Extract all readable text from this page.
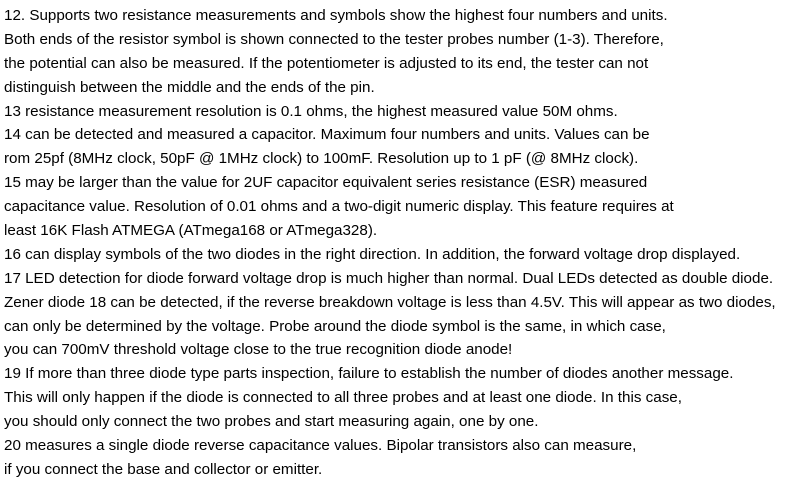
12. Supports two resistance measurements and symbols show the highest four numbers and units.
Both ends of the resistor symbol is shown connected to the tester probes number (1-3). Therefore,
the potential can also be measured. If the potentiometer is adjusted to its end, the tester can not
distinguish between the middle and the ends of the pin.
13 resistance measurement resolution is 0.1 ohms, the highest measured value 50M ohms.
14 can be detected and measured a capacitor. Maximum four numbers and units. Values can be
rom 25pf (8MHz clock, 50pF @ 1MHz clock) to 100mF. Resolution up to 1 pF (@ 8MHz clock).
15 may be larger than the value for 2UF capacitor equivalent series resistance (ESR) measured
capacitance value. Resolution of 0.01 ohms and a two-digit numeric display. This feature requires at
least 16K Flash ATMEGA (ATmega168 or ATmega328).
16 can display symbols of the two diodes in the right direction. In addition, the forward voltage drop displayed.
17 LED detection for diode forward voltage drop is much higher than normal. Dual LEDs detected as double diode.
Zener diode 18 can be detected, if the reverse breakdown voltage is less than 4.5V. This will appear as two diodes,
can only be determined by the voltage. Probe around the diode symbol is the same, in which case,
you can 700mV threshold voltage close to the true recognition diode anode!
19 If more than three diode type parts inspection, failure to establish the number of diodes another message.
This will only happen if the diode is connected to all three probes and at least one diode. In this case,
you should only connect the two probes and start measuring again, one by one.
20 measures a single diode reverse capacitance values. Bipolar transistors also can measure,
if you connect the base and collector or emitter.
